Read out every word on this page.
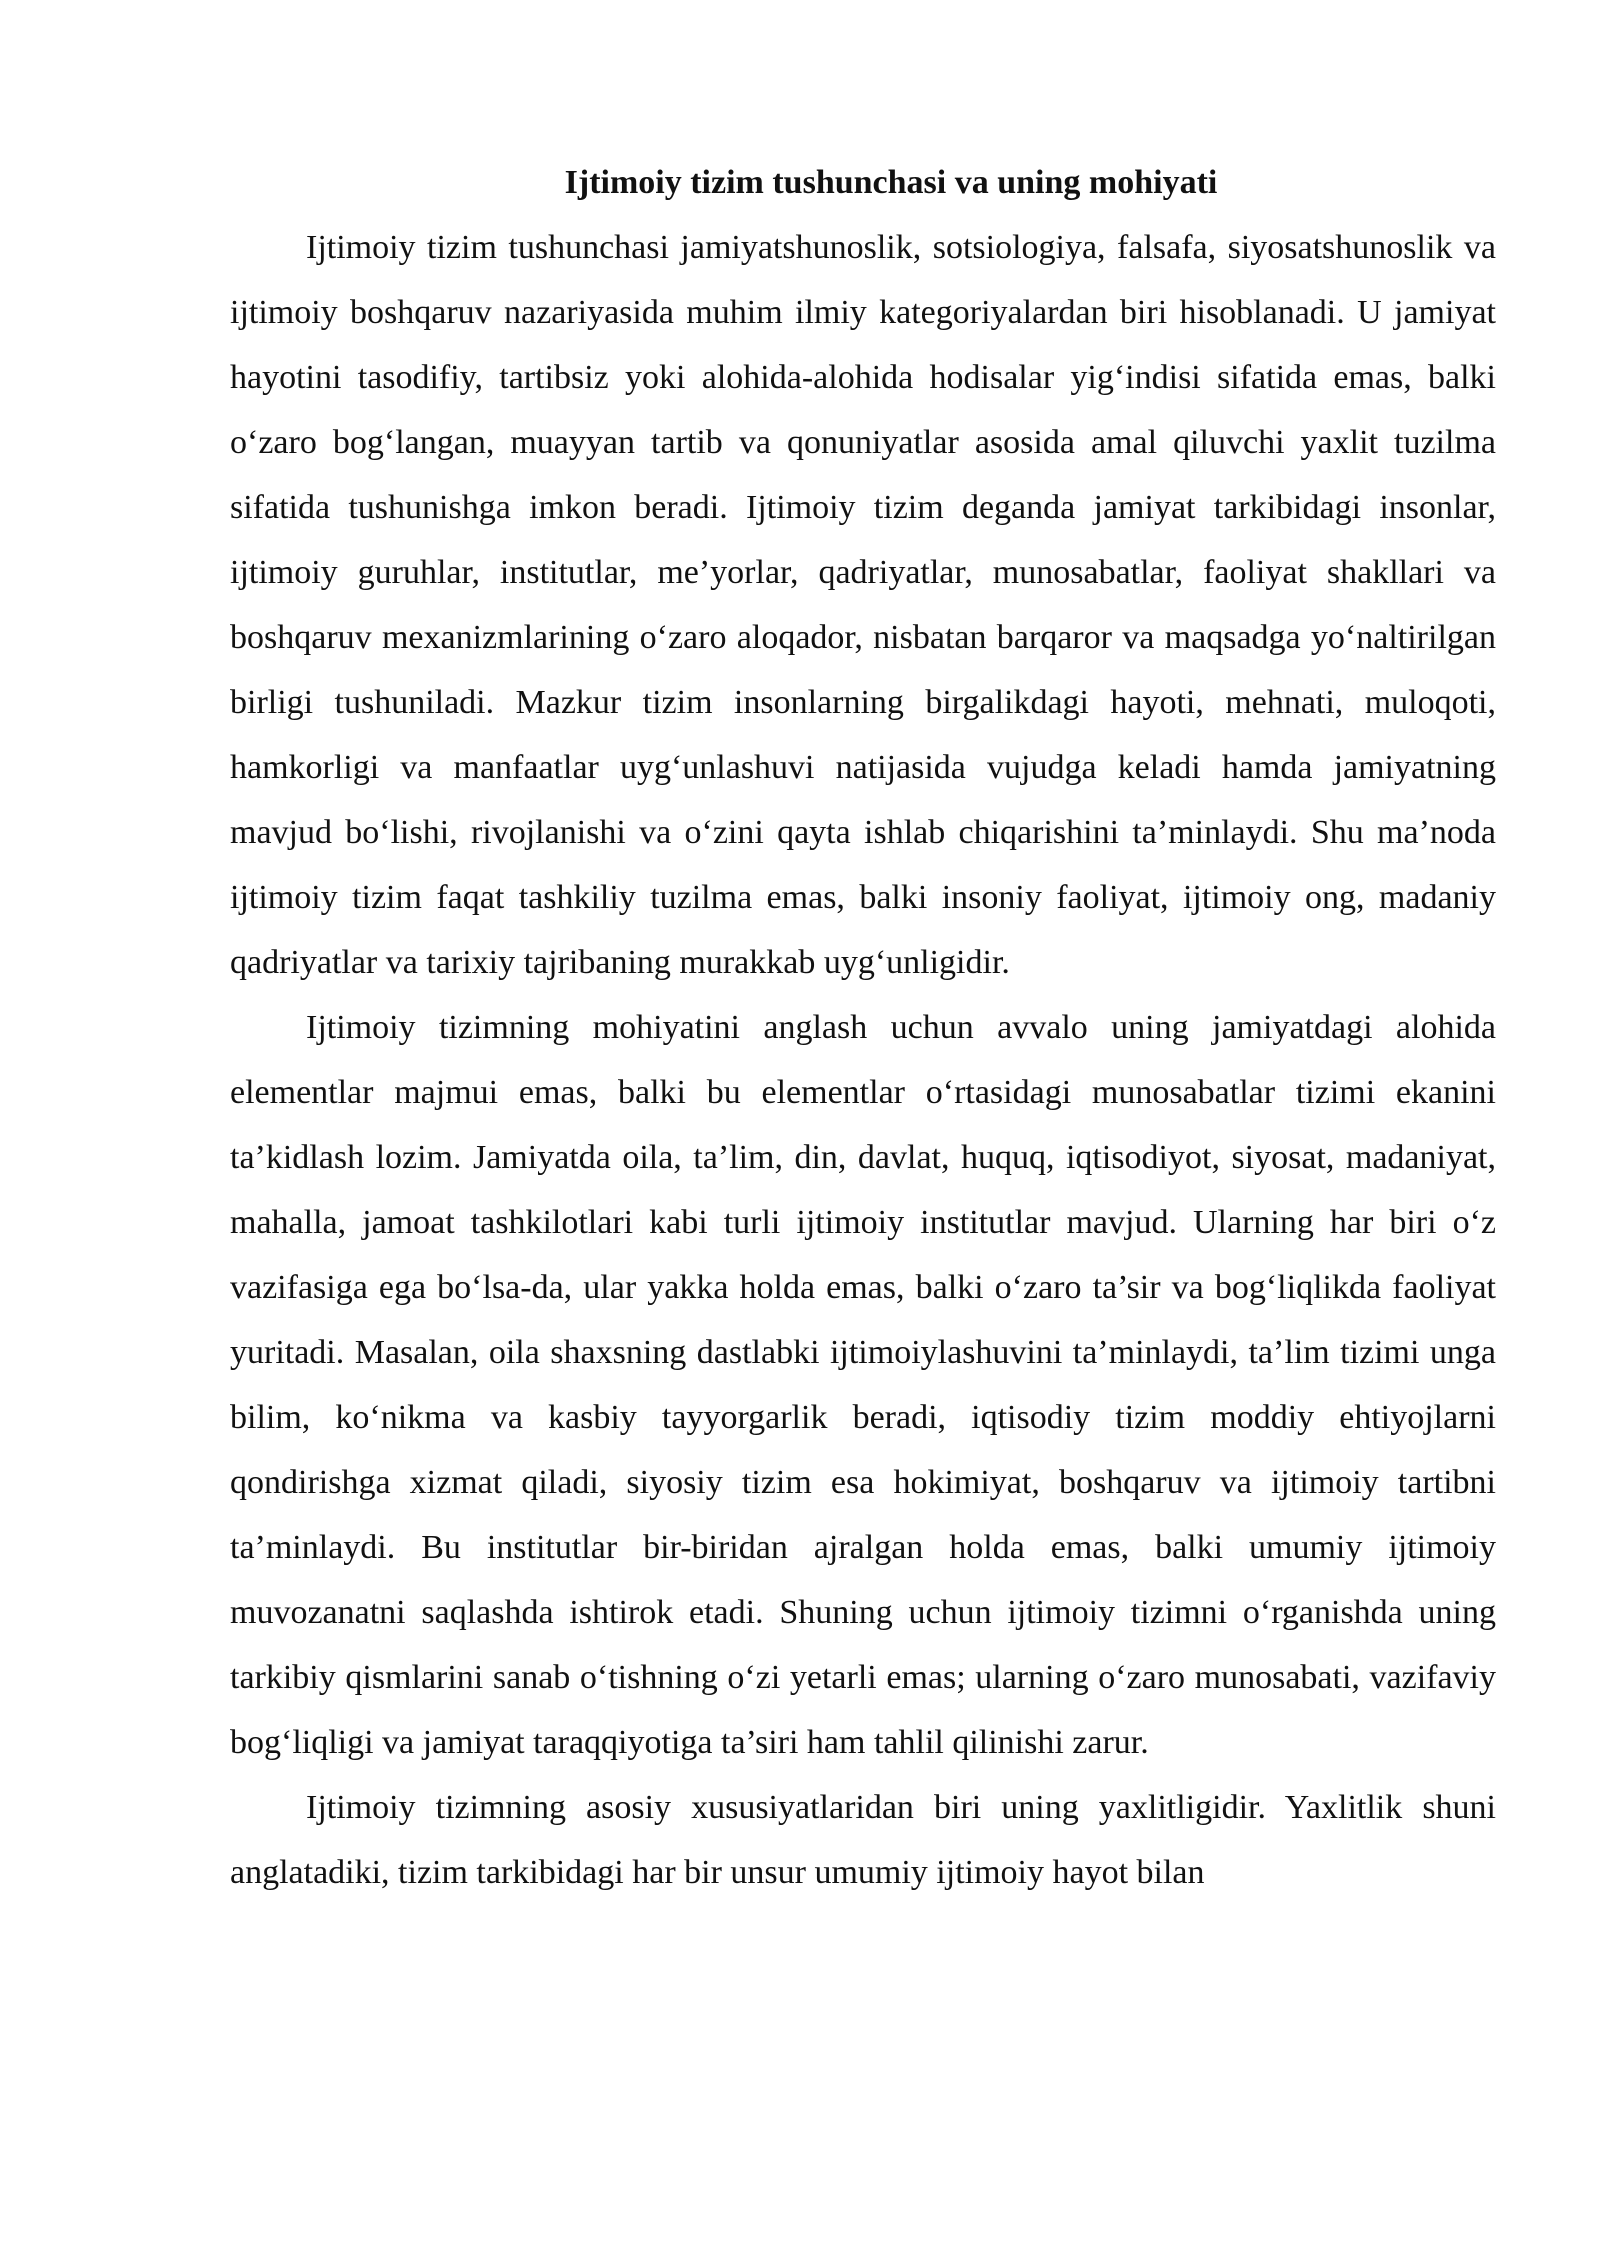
Ijtimoiy tizim tushunchasi va uning mohiyati

Ijtimoiy tizim tushunchasi jamiyatshunoslik, sotsiologiya, falsafa, siyosatshunoslik va ijtimoiy boshqaruv nazariyasida muhim ilmiy kategoriyalardan biri hisoblanadi. U jamiyat hayotini tasodifiy, tartibsiz yoki alohida-alohida hodisalar yig‘indisi sifatida emas, balki o‘zaro bog‘langan, muayyan tartib va qonuniyatlar asosida amal qiluvchi yaxlit tuzilma sifatida tushunishga imkon beradi. Ijtimoiy tizim deganda jamiyat tarkibidagi insonlar, ijtimoiy guruhlar, institutlar, me’yorlar, qadriyatlar, munosabatlar, faoliyat shakllari va boshqaruv mexanizmlarining o‘zaro aloqador, nisbatan barqaror va maqsadga yo‘naltirilgan birligi tushuniladi. Mazkur tizim insonlarning birgalikdagi hayoti, mehnati, muloqoti, hamkorligi va manfaatlar uyg‘unlashuvi natijasida vujudga keladi hamda jamiyatning mavjud bo‘lishi, rivojlanishi va o‘zini qayta ishlab chiqarishini ta’minlaydi. Shu ma’noda ijtimoiy tizim faqat tashkiliy tuzilma emas, balki insoniy faoliyat, ijtimoiy ong, madaniy qadriyatlar va tarixiy tajribaning murakkab uyg‘unligidir.

Ijtimoiy tizimning mohiyatini anglash uchun avvalo uning jamiyatdagi alohida elementlar majmui emas, balki bu elementlar o‘rtasidagi munosabatlar tizimi ekanini ta’kidlash lozim. Jamiyatda oila, ta’lim, din, davlat, huquq, iqtisodiyot, siyosat, madaniyat, mahalla, jamoat tashkilotlari kabi turli ijtimoiy institutlar mavjud. Ularning har biri o‘z vazifasiga ega bo‘lsa-da, ular yakka holda emas, balki o‘zaro ta’sir va bog‘liqlikda faoliyat yuritadi. Masalan, oila shaxsning dastlabki ijtimoiylashuvini ta’minlaydi, ta’lim tizimi unga bilim, ko‘nikma va kasbiy tayyorgarlik beradi, iqtisodiy tizim moddiy ehtiyojlarni qondirishga xizmat qiladi, siyosiy tizim esa hokimiyat, boshqaruv va ijtimoiy tartibni ta’minlaydi. Bu institutlar bir-biridan ajralgan holda emas, balki umumiy ijtimoiy muvozanatni saqlashda ishtirok etadi. Shuning uchun ijtimoiy tizimni o‘rganishda uning tarkibiy qismlarini sanab o‘tishning o‘zi yetarli emas; ularning o‘zaro munosabati, vazifaviy bog‘liqligi va jamiyat taraqqiyotiga ta’siri ham tahlil qilinishi zarur.

Ijtimoiy tizimning asosiy xususiyatlaridan biri uning yaxlitligidir. Yaxlitlik shuni anglatadiki, tizim tarkibidagi har bir unsur umumiy ijtimoiy hayot bilan
